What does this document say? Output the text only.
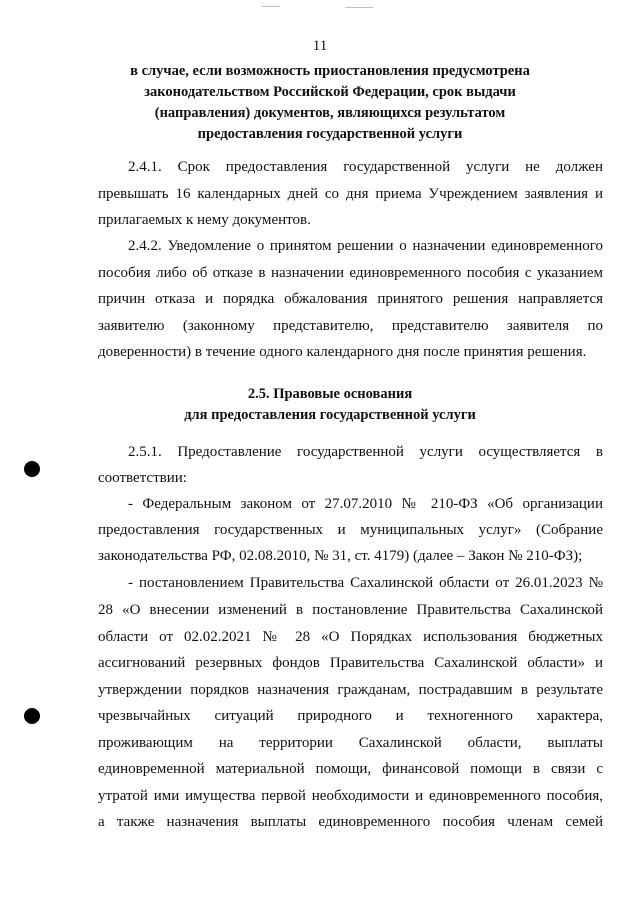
11
в случае, если возможность приостановления предусмотрена
законодательством Российской Федерации, срок выдачи
(направления) документов, являющихся результатом
предоставления государственной услуги
2.4.1. Срок предоставления государственной услуги не должен
превышать 16 календарных дней со дня приема Учреждением заявления и
прилагаемых к нему документов.
2.4.2. Уведомление о принятом решении о назначении единовременного
пособия либо об отказе в назначении единовременного пособия с указанием
причин отказа и порядка обжалования принятого решения направляется
заявителю (законному представителю, представителю заявителя по
доверенности) в течение одного календарного дня после принятия решения.
2.5. Правовые основания
для предоставления государственной услуги
2.5.1. Предоставление государственной услуги осуществляется в
соответствии:
- Федеральным законом от 27.07.2010 № 210-ФЗ «Об организации
предоставления государственных и муниципальных услуг» (Собрание
законодательства РФ, 02.08.2010, № 31, ст. 4179) (далее – Закон № 210-ФЗ);
- постановлением Правительства Сахалинской области от 26.01.2023 №
28 «О внесении изменений в постановление Правительства Сахалинской
области от 02.02.2021 № 28 «О Порядках использования бюджетных
ассигнований резервных фондов Правительства Сахалинской области» и
утверждении порядков назначения гражданам, пострадавшим в результате
чрезвычайных ситуаций природного и техногенного характера,
проживающим на территории Сахалинской области, выплаты
единовременной материальной помощи, финансовой помощи в связи с
утратой ими имущества первой необходимости и единовременного пособия,
а также назначения выплаты единовременного пособия членам семей
